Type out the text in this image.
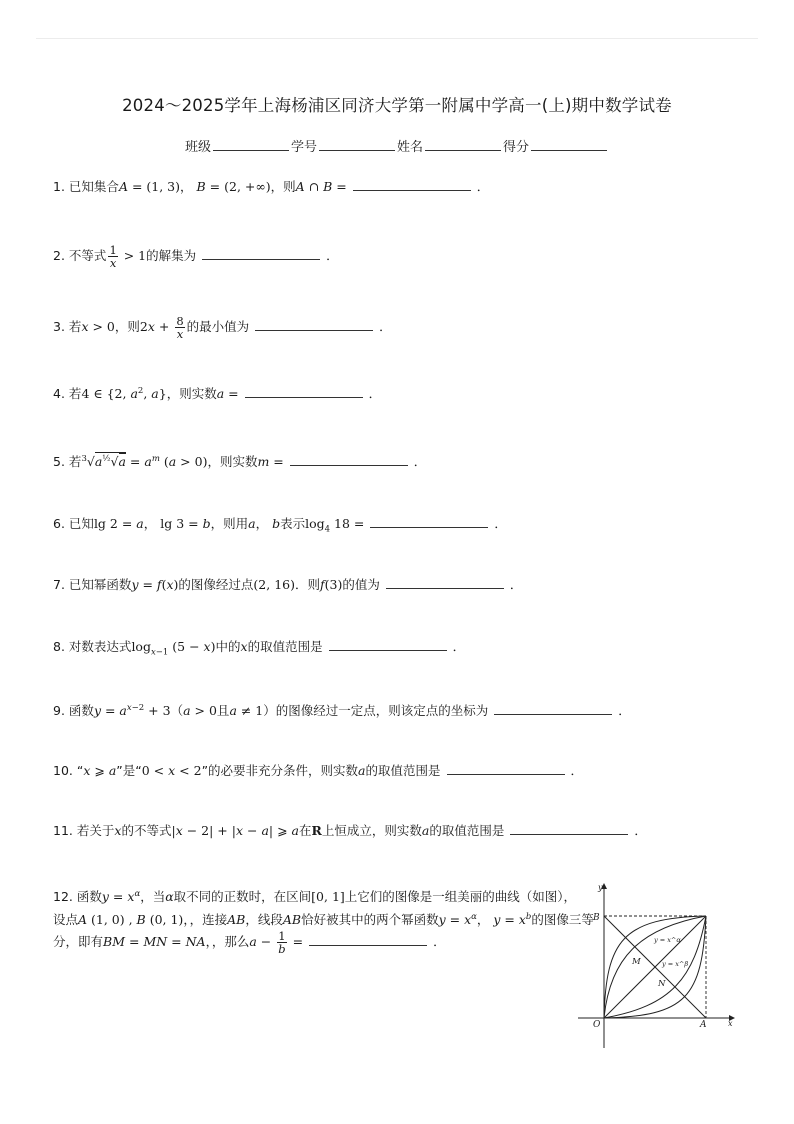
2024～2025学年上海杨浦区同济大学第一附属中学高一(上)期中数学试卷
班级	学号	姓名	得分
1. 已知集合A = (1, 3)， B = (2, +∞)，则A ∩ B =	．
2. 不等式 $\frac{1}{x} > 1$的解集为	．
3. 若x > 0，则$2x + \frac{8}{x}$ 的最小值为	．
4. 若4 ∈ {2, $a^2$, a}，则实数a =	．
5. 若$^3√a^{\frac{1}{2}}√a = a^m$ (a > 0)，则实数m =	．
6. 已知lg 2 = a， lg 3 = b，则用a， b表示$\log_4 18$ =	．
7. 已知幂函数y = f(x)的图像经过点(2, 16)．则f(3)的值为	．
8. 对数表达式$\log_{x-1} (5 - x)$中的x的取值范围是	．
9. 函数$y = a^{x-2} + 3(a > 0$且a ≠ 1）的图像经过一定点，则该定点的坐标为	．
10. “x ⩾ a”是“0 < x < 2”的必要非充分条件，则实数a的取值范围是	．
11. 若关于x的不等式|x − 2| + |x − a| ⩾ a在R上恒成立，则实数a的取值范围是	．
12. 函数$y = x^\alpha$，当α取不同的正数时，在区间[0, 1]上它们的图像是一组美丽的曲线（如图），
设点A (1, 0) , B (0, 1)，，连接AB，线段AB恰好被其中的两个幂函数$y = x^\alpha$， $y = x^b$的图像三等
分，即有BM = MN = NA，，那么$a - \frac{1}{b}$ =	．
y
x
O	A
B
M
N
y = x^α
y = x^β
